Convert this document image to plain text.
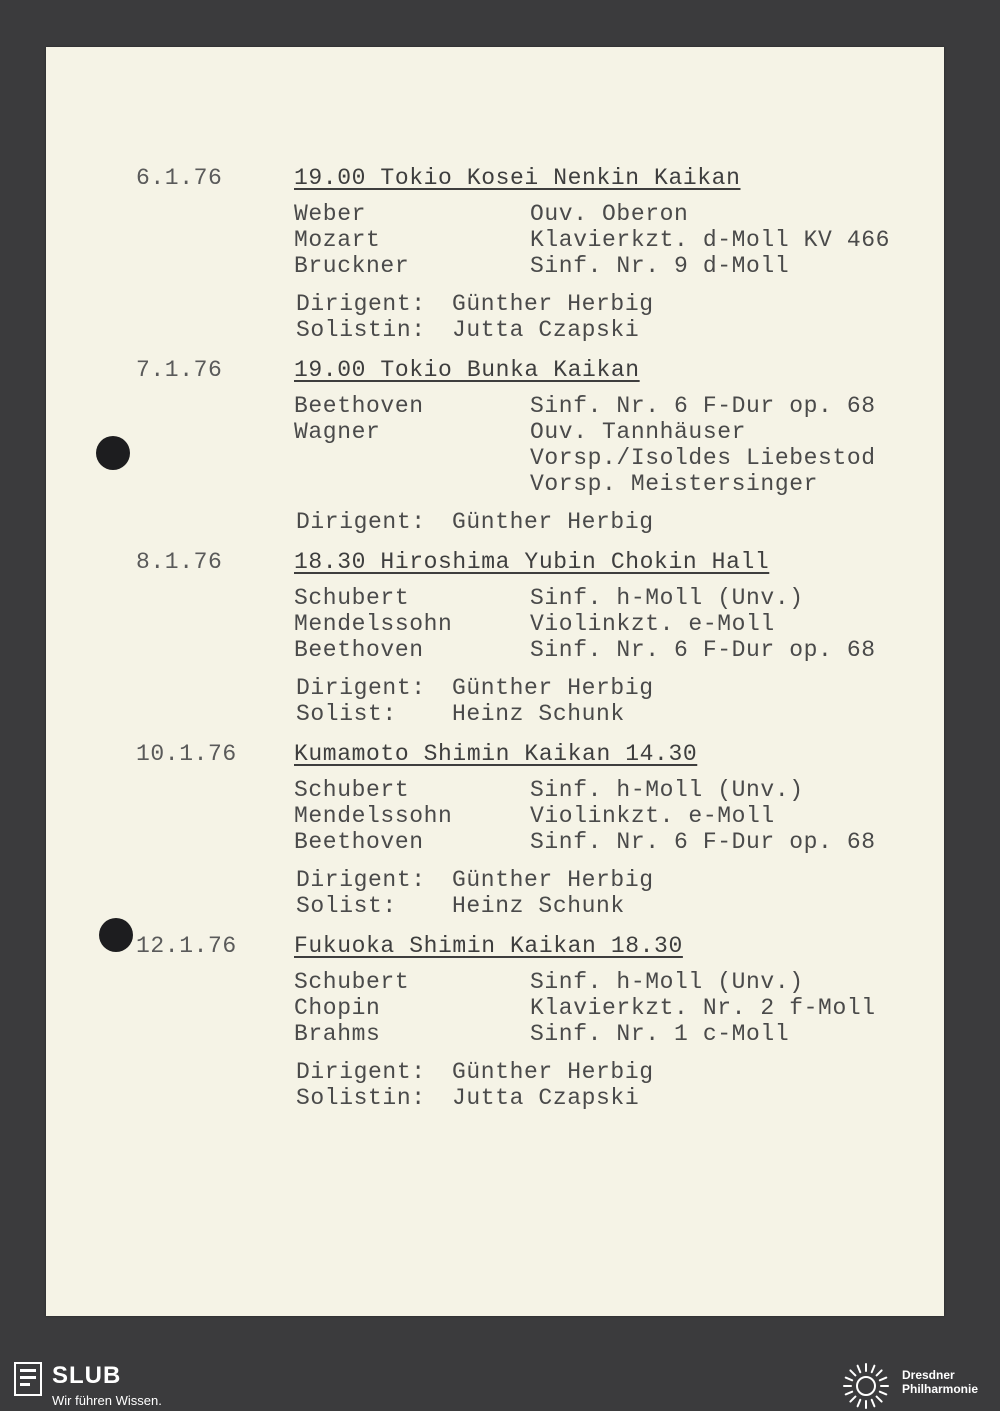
6.1.76	19.00 Tokio Kosei Nenkin Kaikan
Weber	Ouv. Oberon
Mozart	Klavierkzt. d-Moll KV 466
Bruckner	Sinf. Nr. 9 d-Moll
Dirigent:	Günther Herbig
Solistin:	Jutta Czapski
7.1.76	19.00 Tokio Bunka Kaikan
Beethoven	Sinf. Nr. 6 F-Dur op. 68
Wagner	Ouv. Tannhäuser
Vorsp./Isoldes Liebestod
Vorsp. Meistersinger
Dirigent:	Günther Herbig
8.1.76	18.30 Hiroshima Yubin Chokin Hall
Schubert	Sinf. h-Moll (Unv.)
Mendelssohn	Violinkzt. e-Moll
Beethoven	Sinf. Nr. 6 F-Dur op. 68
Dirigent:	Günther Herbig
Solist:	Heinz Schunk
10.1.76 Kumamoto Shimin Kaikan 14.30
Schubert	Sinf. h-Moll (Unv.)
Mendelssohn	Violinkzt. e-Moll
Beethoven	Sinf. Nr. 6 F-Dur op. 68
Dirigent:	Günther Herbig
Solist:	Heinz Schunk
12.1.76 Fukuoka Shimin Kaikan 18.30
Schubert	Sinf. h-Moll (Unv.)
Chopin	Klavierkzt. Nr. 2 f-Moll
Brahms	Sinf. Nr. 1 c-Moll
Dirigent:	Günther Herbig
Solistin:	Jutta Czapski
SLUB
Wir führen Wissen.
Dresdner
Philharmonie
